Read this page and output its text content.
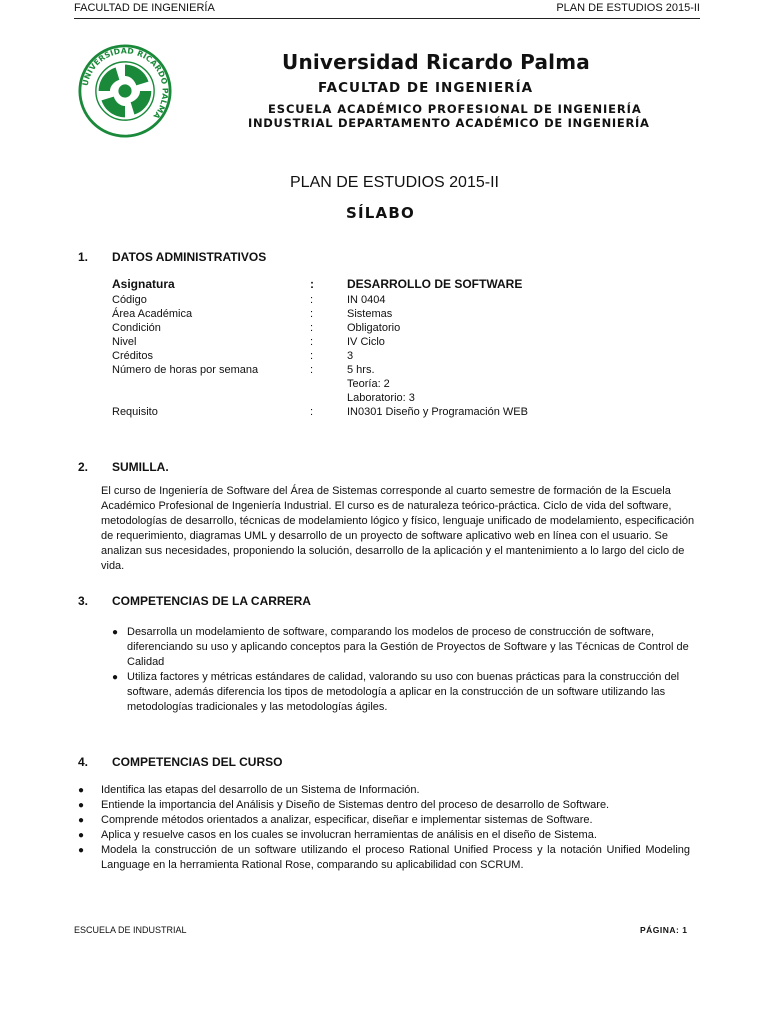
FACULTAD DE INGENIERÍA	PLAN DE ESTUDIOS 2015-II
UNIVERSIDAD RICARDO PALMA
Universidad Ricardo Palma
FACULTAD DE INGENIERÍA
ESCUELA ACADÉMICO PROFESIONAL DE INGENIERÍA
INDUSTRIAL DEPARTAMENTO ACADÉMICO DE INGENIERÍA
PLAN DE ESTUDIOS 2015-II
SÍLABO
1. DATOS ADMINISTRATIVOS
Asignatura	:	DESARROLLO DE SOFTWARE
Código	:	IN 0404
Área Académica	:	Sistemas
Condición	:	Obligatorio
Nivel	:	IV Ciclo
Créditos	:	3
Número de horas por semana	:	5 hrs.
Teoría: 2
Laboratorio: 3
Requisito	:	IN0301 Diseño y Programación WEB
2. SUMILLA.
El curso de Ingeniería de Software del Área de Sistemas corresponde al cuarto semestre de formación de la Escuela Académico Profesional de Ingeniería Industrial. El curso es de naturaleza teórico-práctica. Ciclo de vida del software, metodologías de desarrollo, técnicas de modelamiento lógico y físico, lenguaje unificado de modelamiento, especificación de requerimiento, diagramas UML y desarrollo de un proyecto de software aplicativo web en línea con el usuario. Se analizan sus necesidades, proponiendo la solución, desarrollo de la aplicación y el mantenimiento a lo largo del ciclo de vida.
3. COMPETENCIAS DE LA CARRERA
● Desarrolla un modelamiento de software, comparando los modelos de proceso de construcción de software, diferenciando su uso y aplicando conceptos para la Gestión de Proyectos de Software y las Técnicas de Control de Calidad
● Utiliza factores y métricas estándares de calidad, valorando su uso con buenas prácticas para la construcción del software, además diferencia los tipos de metodología a aplicar en la construcción de un software utilizando las metodologías tradicionales y las metodologías ágiles.
4. COMPETENCIAS DEL CURSO
● Identifica las etapas del desarrollo de un Sistema de Información.
● Entiende la importancia del Análisis y Diseño de Sistemas dentro del proceso de desarrollo de Software.
● Comprende métodos orientados a analizar, especificar, diseñar e implementar sistemas de Software.
● Aplica y resuelve casos en los cuales se involucran herramientas de análisis en el diseño de Sistema.
● Modela la construcción de un software utilizando el proceso Rational Unified Process y la notación Unified Modeling Language en la herramienta Rational Rose, comparando su aplicabilidad con SCRUM.
ESCUELA DE INDUSTRIAL	PÁGINA: 1
